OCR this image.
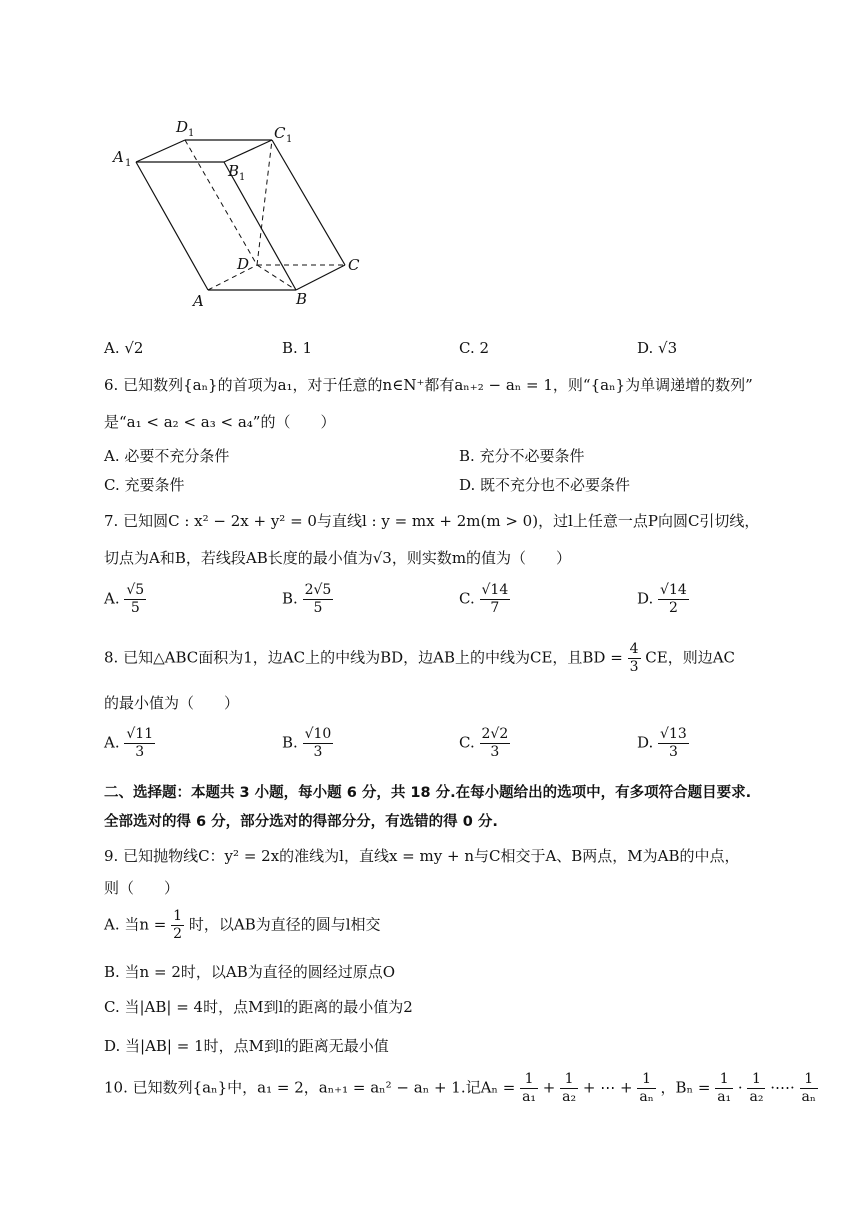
D 1	C 1
A 1	B 1
D	C
A	B
A. √2	B. 1	C. 2	D. √3
6. 已知数列{aₙ}的首项为a₁，对于任意的n∈N⁺都有aₙ₊₂ − aₙ = 1，则“{aₙ}为单调递增的数列”
是“a₁ < a₂ < a₃ < a₄”的（　　）
A. 必要不充分条件	B. 充分不必要条件
C. 充要条件	D. 既不充分也不必要条件
7. 已知圆C : x² − 2x + y² = 0与直线l : y = mx + 2m(m > 0)，过l上任意一点P向圆C引切线，
切点为A和B，若线段AB长度的最小值为√3，则实数m的值为（　　）
A. $\frac{√5}{5}$	B. $\frac{2√5}{5}$	C. $\frac{√14}{7}$	D. $\frac{√14}{2}$
8. 已知△ABC面积为1，边AC上的中线为BD，边AB上的中线为CE，且BD = $\frac{4}{3}$ CE，则边AC
的最小值为（　　）
A. $\frac{√11}{3}$	B. $\frac{√10}{3}$	C. $\frac{2√2}{3}$	D. $\frac{√13}{3}$
二、选择题：本题共 3 小题，每小题 6 分，共 18 分.在每小题给出的选项中，有多项符合题目要求.
全部选对的得 6 分，部分选对的得部分分，有选错的得 0 分.
9. 已知抛物线C：y² = 2x的准线为l，直线x = my + n与C相交于A、B两点，M为AB的中点，
则（　　）
A. 当$n = \frac{1}{2}$ 时，以AB为直径的圆与l相交
B. 当n = 2时，以AB为直径的圆经过原点O
C. 当|AB| = 4时，点M到l的距离的最小值为2
D. 当|AB| = 1时，点M到l的距离无最小值
10. 已知数列{aₙ}中，a₁ = 2，aₙ₊₁ = aₙ² − aₙ + 1.记$A_n = \frac{1}{\text{a₁}} + \frac{1}{\text{a₂}}$ + ⋯ + $\frac{1}{\text{aₙ}}$ ，$B_n = \frac{1}{\text{a₁}} \cdot \frac{1}{\text{a₂}}$ ·⋯· $\frac{1}{\text{aₙ}}$
